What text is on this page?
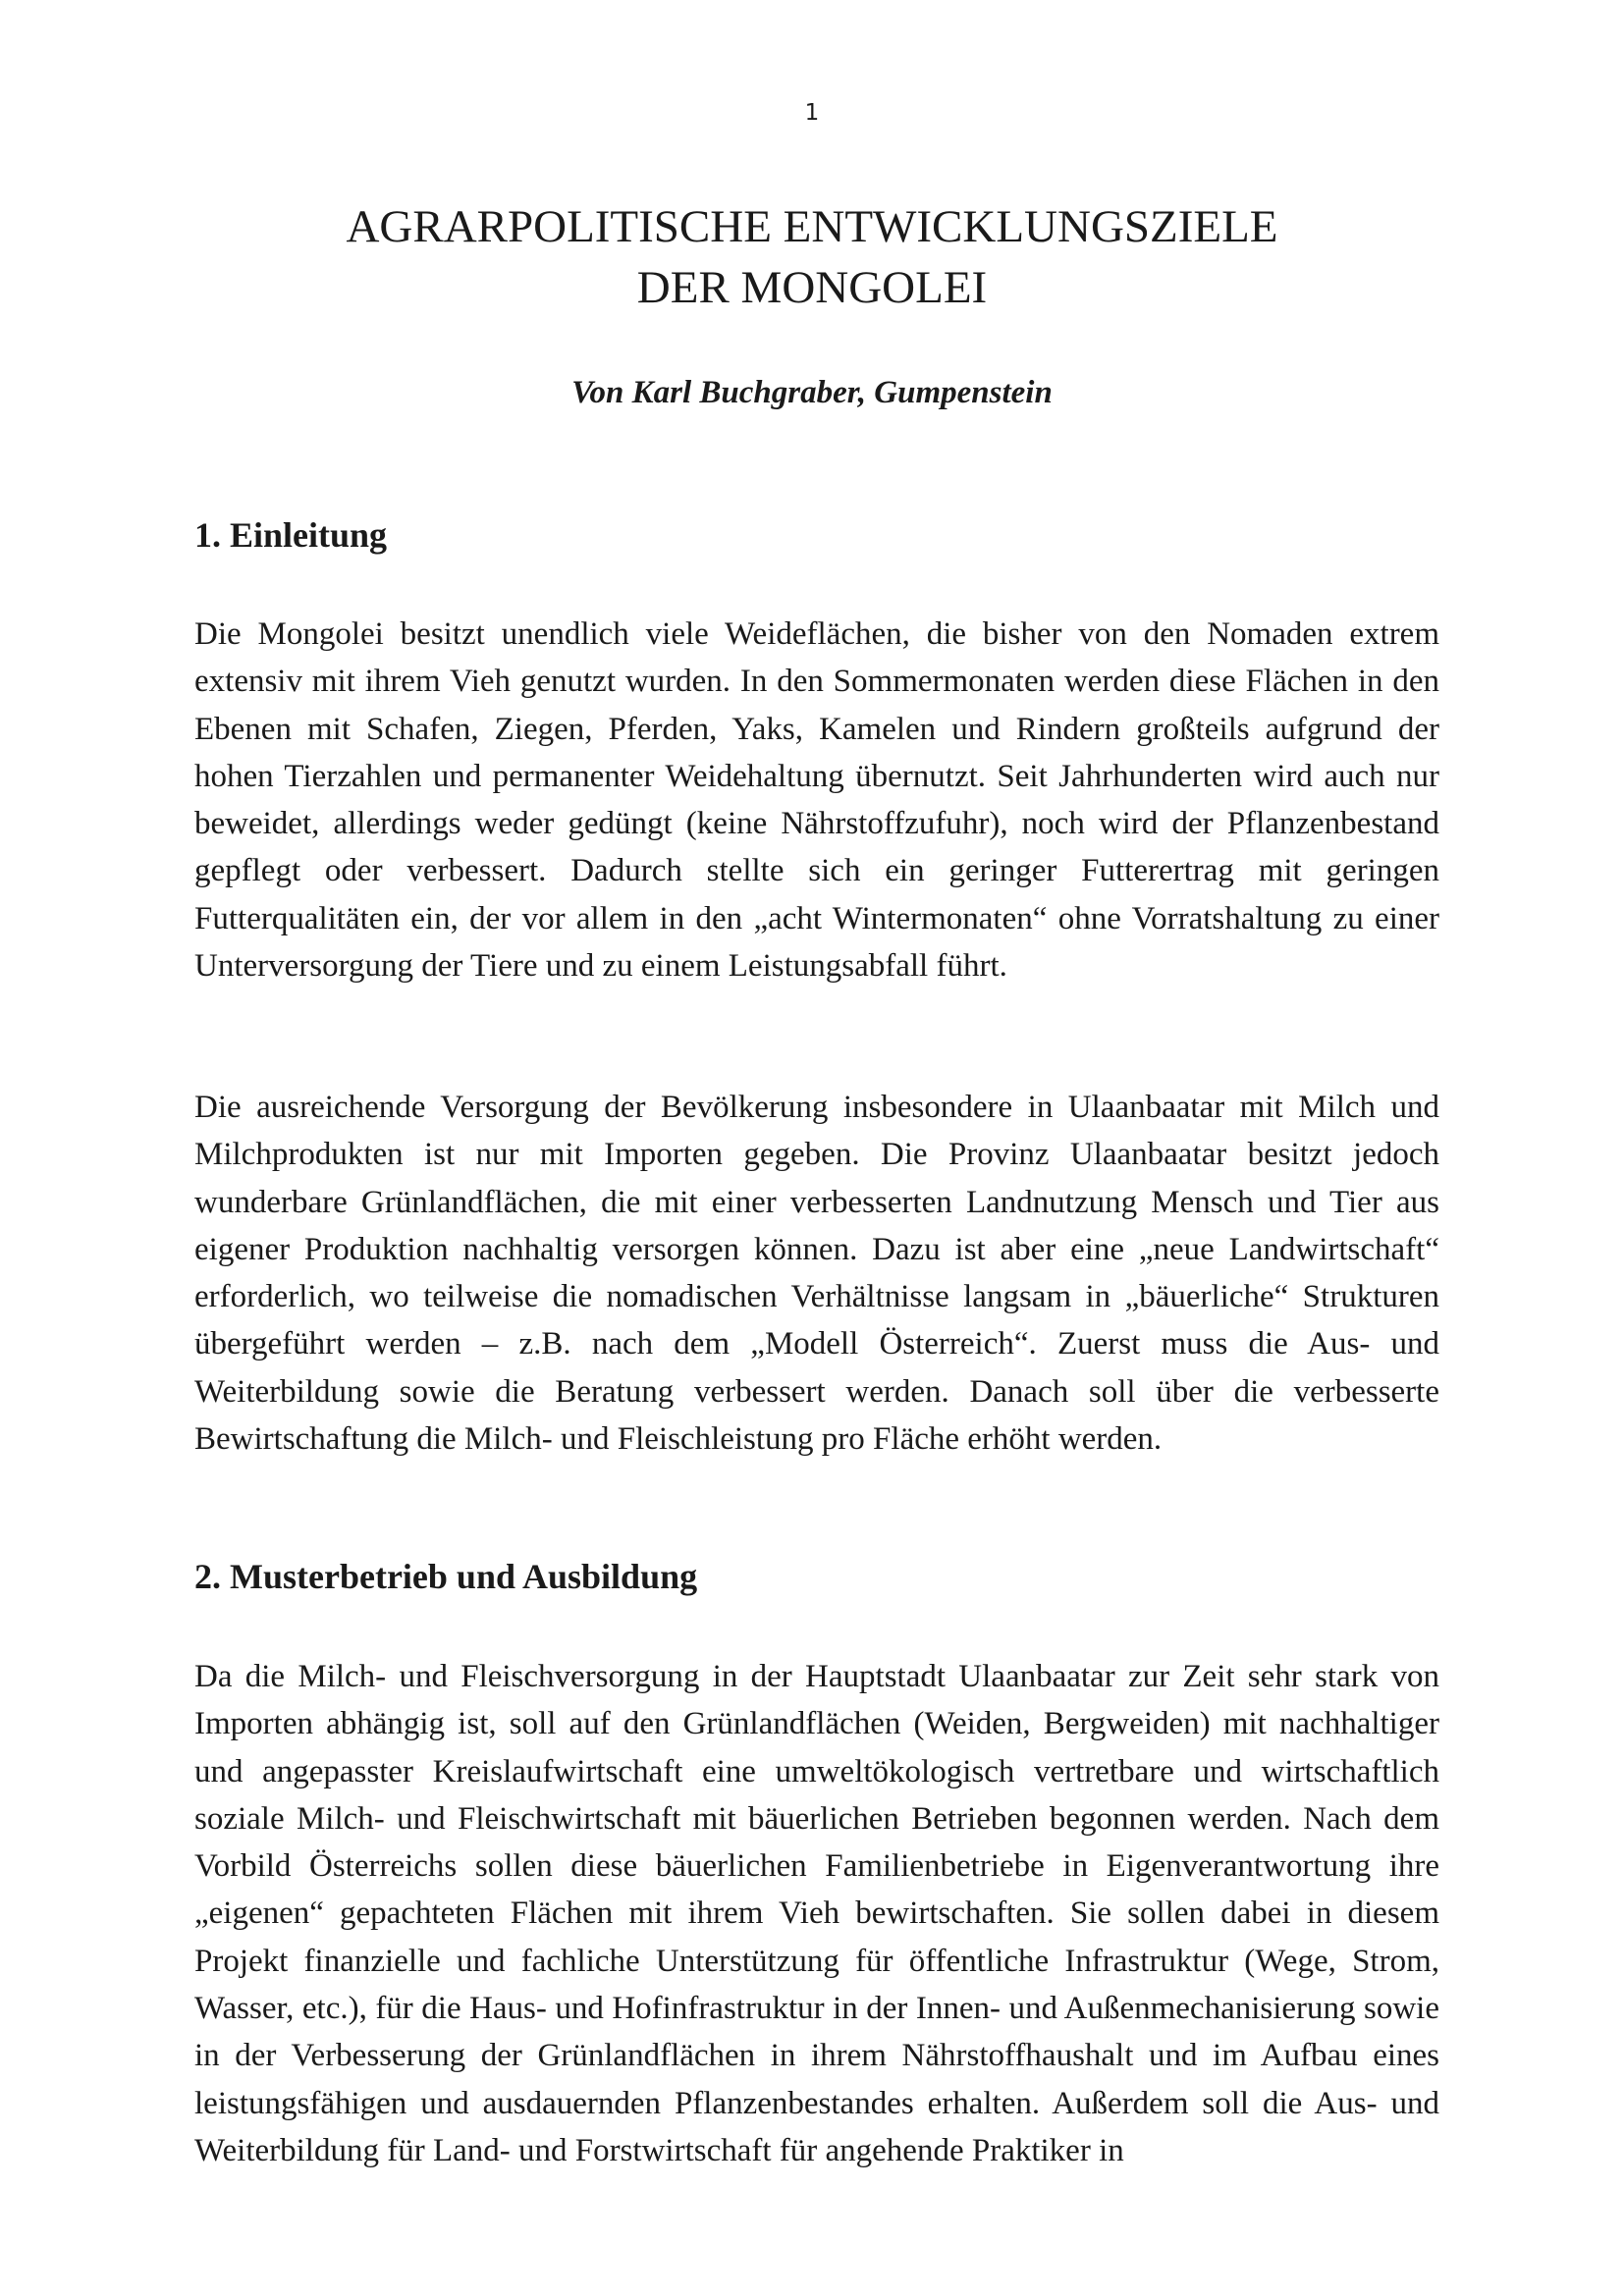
1
AGRARPOLITISCHE ENTWICKLUNGSZIELE
DER MONGOLEI
Von Karl Buchgraber, Gumpenstein
1. Einleitung

Die Mongolei besitzt unendlich viele Weideflächen, die bisher von den Nomaden extrem extensiv mit ihrem Vieh genutzt wurden. In den Sommermonaten werden diese Flächen in den Ebenen mit Schafen, Ziegen, Pferden, Yaks, Kamelen und Rindern großteils aufgrund der hohen Tierzahlen und permanenter Weidehaltung übernutzt. Seit Jahrhunderten wird auch nur beweidet, allerdings weder gedüngt (keine Nährstoffzufuhr), noch wird der Pflanzenbestand gepflegt oder verbessert. Dadurch stellte sich ein geringer Futterertrag mit geringen Futterqualitäten ein, der vor allem in den „acht Wintermonaten“ ohne Vorratshaltung zu einer Unterversorgung der Tiere und zu einem Leistungsabfall führt.

Die ausreichende Versorgung der Bevölkerung insbesondere in Ulaanbaatar mit Milch und Milchprodukten ist nur mit Importen gegeben. Die Provinz Ulaanbaatar besitzt jedoch wunderbare Grünlandflächen, die mit einer verbesserten Landnutzung Mensch und Tier aus eigener Produktion nachhaltig versorgen können. Dazu ist aber eine „neue Landwirtschaft“ erforderlich, wo teilweise die nomadischen Verhältnisse langsam in „bäuerliche“ Strukturen übergeführt werden – z.B. nach dem „Modell Österreich“. Zuerst muss die Aus- und Weiterbildung sowie die Beratung verbessert werden. Danach soll über die verbesserte Bewirtschaftung die Milch- und Fleischleistung pro Fläche erhöht werden.

2. Musterbetrieb und Ausbildung

Da die Milch- und Fleischversorgung in der Hauptstadt Ulaanbaatar zur Zeit sehr stark von Importen abhängig ist, soll auf den Grünlandflächen (Weiden, Bergweiden) mit nachhaltiger und angepasster Kreislaufwirtschaft eine umweltökologisch vertretbare und wirtschaftlich soziale Milch- und Fleischwirtschaft mit bäuerlichen Betrieben begonnen werden. Nach dem Vorbild Österreichs sollen diese bäuerlichen Familienbetriebe in Eigenverantwortung ihre „eigenen“ gepachteten Flächen mit ihrem Vieh bewirtschaften. Sie sollen dabei in diesem Projekt finanzielle und fachliche Unterstützung für öffentliche Infrastruktur (Wege, Strom, Wasser, etc.), für die Haus- und Hofinfrastruktur in der Innen- und Außenmechanisierung sowie in der Verbesserung der Grünlandflächen in ihrem Nährstoffhaushalt und im Aufbau eines leistungsfähigen und ausdauernden Pflanzenbestandes erhalten. Außerdem soll die Aus- und Weiterbildung für Land- und Forstwirtschaft für angehende Praktiker in
